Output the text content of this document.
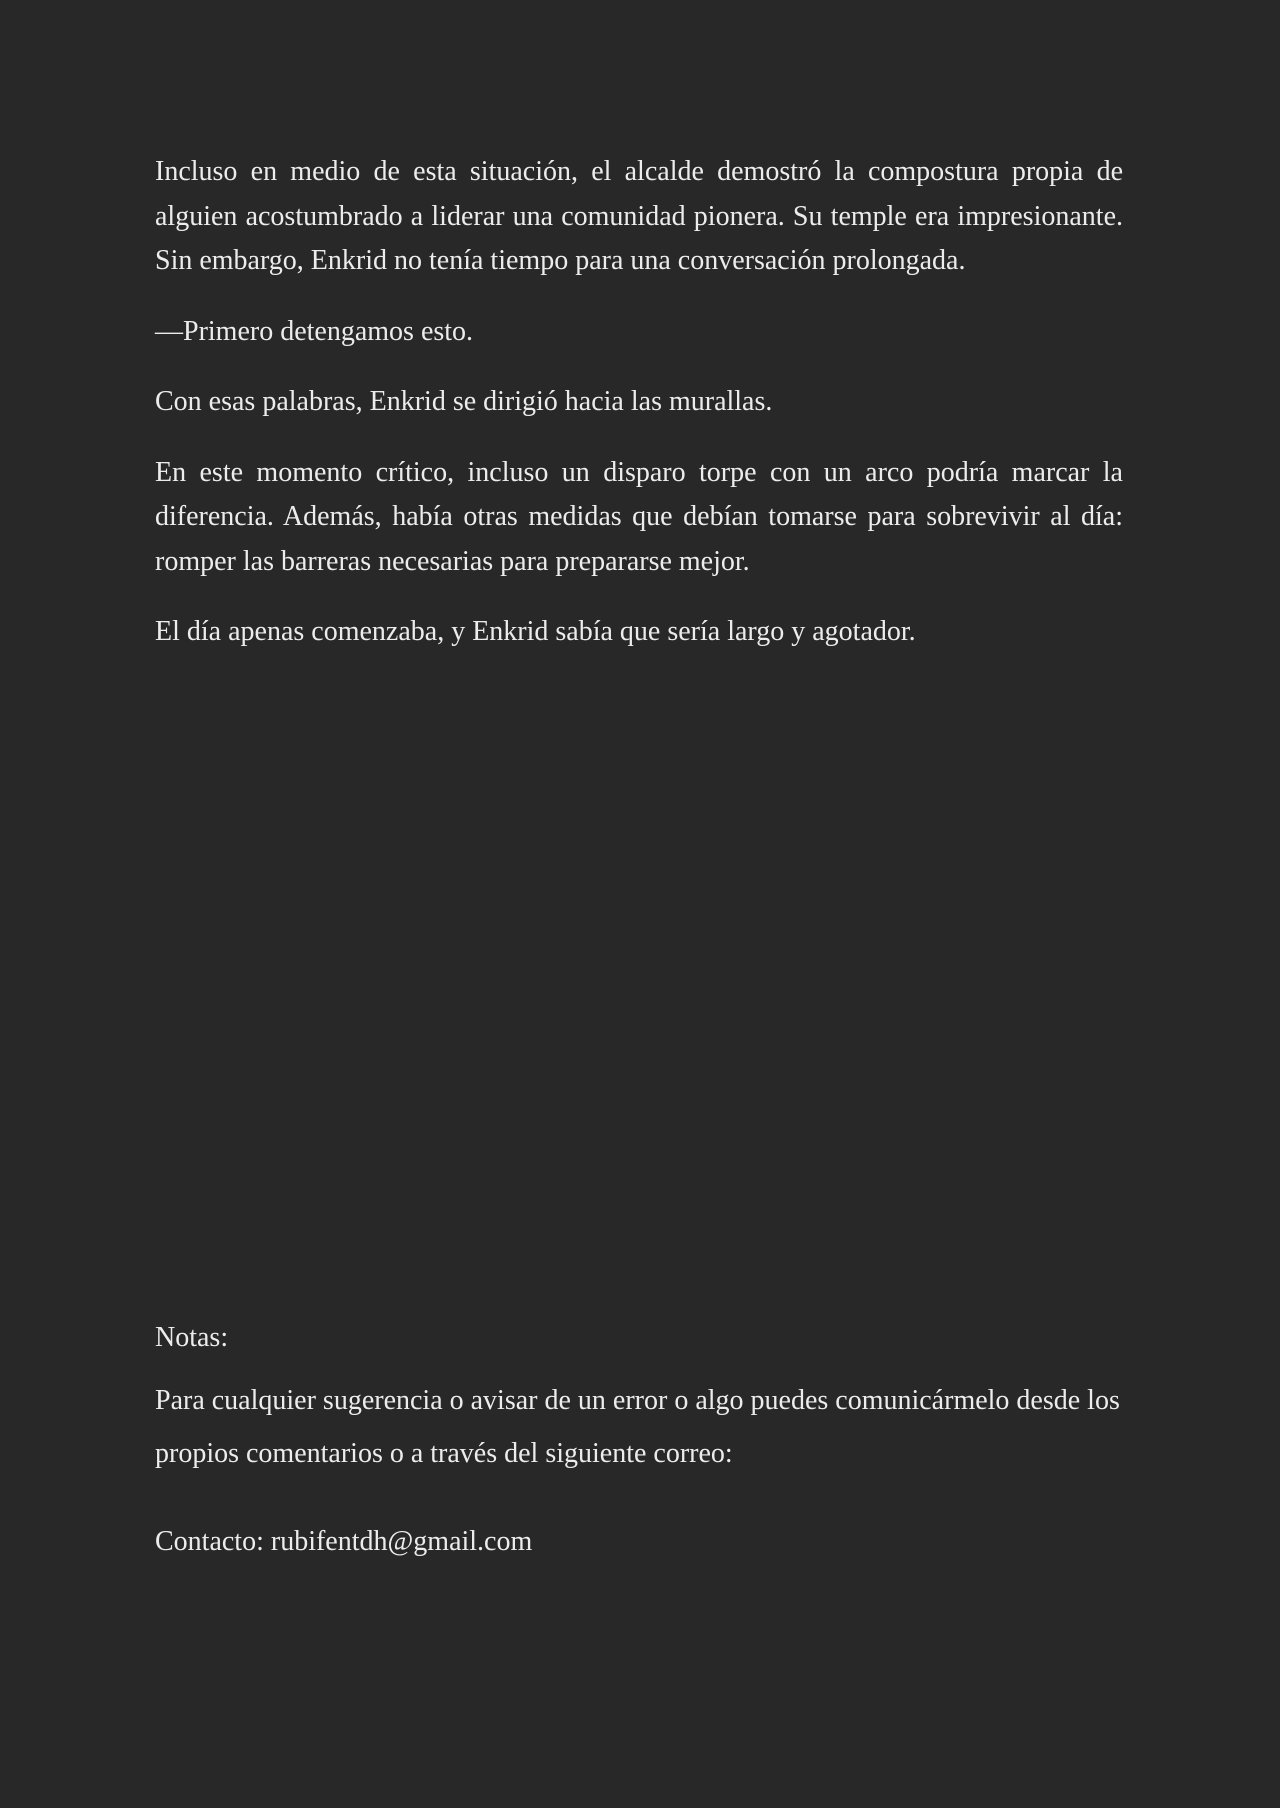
Incluso en medio de esta situación, el alcalde demostró la compostura propia de alguien acostumbrado a liderar una comunidad pionera. Su temple era impresionante. Sin embargo, Enkrid no tenía tiempo para una conversación prolongada.

—Primero detengamos esto.

Con esas palabras, Enkrid se dirigió hacia las murallas.

En este momento crítico, incluso un disparo torpe con un arco podría marcar la diferencia. Además, había otras medidas que debían tomarse para sobrevivir al día: romper las barreras necesarias para prepararse mejor.

El día apenas comenzaba, y Enkrid sabía que sería largo y agotador.

Notas:

Para cualquier sugerencia o avisar de un error o algo puedes comunicármelo desde los propios comentarios o a través del siguiente correo:

Contacto: rubifentdh@gmail.com
